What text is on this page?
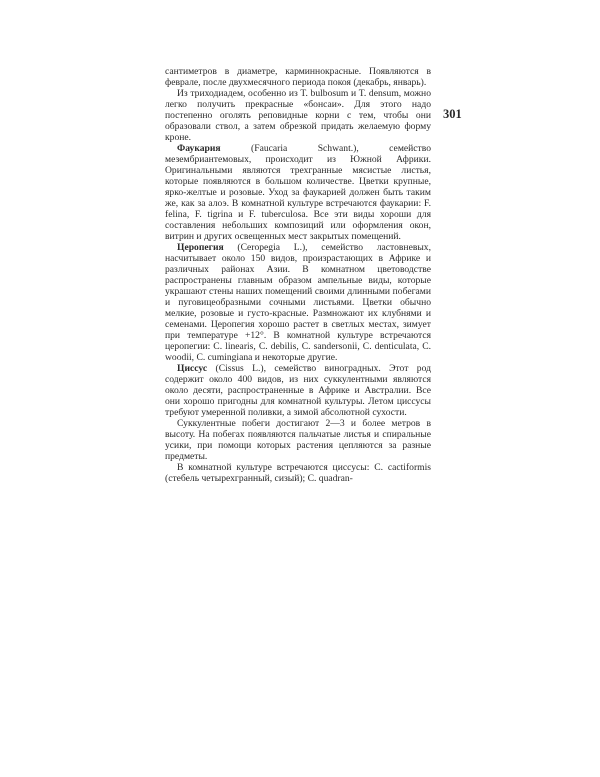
сантиметров в диаметре, карминнокрасные. Появляются в феврале, после двухмесячного периода покоя (декабрь, январь).

Из триходиадем, особенно из T. bulbosum и T. densum, можно легко получить прекрасные «бонсаи». Для этого надо постепенно оголять реповидные корни с тем, чтобы они образовали ствол, а затем обрезкой придать желаемую форму кроне.

Фаукария (Faucaria Schwant.), семейство мезембриантемовых, происходит из Южной Африки. Оригинальными являются трехгранные мясистые листья, которые появляются в большом количестве. Цветки крупные, ярко-желтые и розовые. Уход за фаукарией должен быть таким же, как за алоэ. В комнатной культуре встречаются фаукарии: F. felina, F. tigrina и F. tuberculosa. Все эти виды хороши для составления небольших композиций или оформления окон, витрин и других освещенных мест закрытых помещений.

Церопегия (Ceropegia L.), семейство ластовневых, насчитывает около 150 видов, произрастающих в Африке и различных районах Азии. В комнатном цветоводстве распространены главным образом ампельные виды, которые украшают стены наших помещений своими длинными побегами и пуговицеобразными сочными листьями. Цветки обычно мелкие, розовые и густо-красные. Размножают их клубнями и семенами. Церопегия хорошо растет в светлых местах, зимует при температуре +12°. В комнатной культуре встречаются церопегии: C. linearis, C. debilis, C. sandersonii, C. denticulata, C. woodii, C. cumingiana и некоторые другие.

Циссус (Cissus L.), семейство виноградных. Этот род содержит около 400 видов, из них суккулентными являются около десяти, распространенные в Африке и Австралии. Все они хорошо пригодны для комнатной культуры. Летом циссусы требуют умеренной поливки, а зимой абсолютной сухости.

Суккулентные побеги достигают 2—3 и более метров в высоту. На побегах появляются пальчатые листья и спиральные усики, при помощи которых растения цепляются за разные предметы.

В комнатной культуре встречаются циссусы: C. cactiformis (стебель четырехгранный, сизый); C. quadran-

301
